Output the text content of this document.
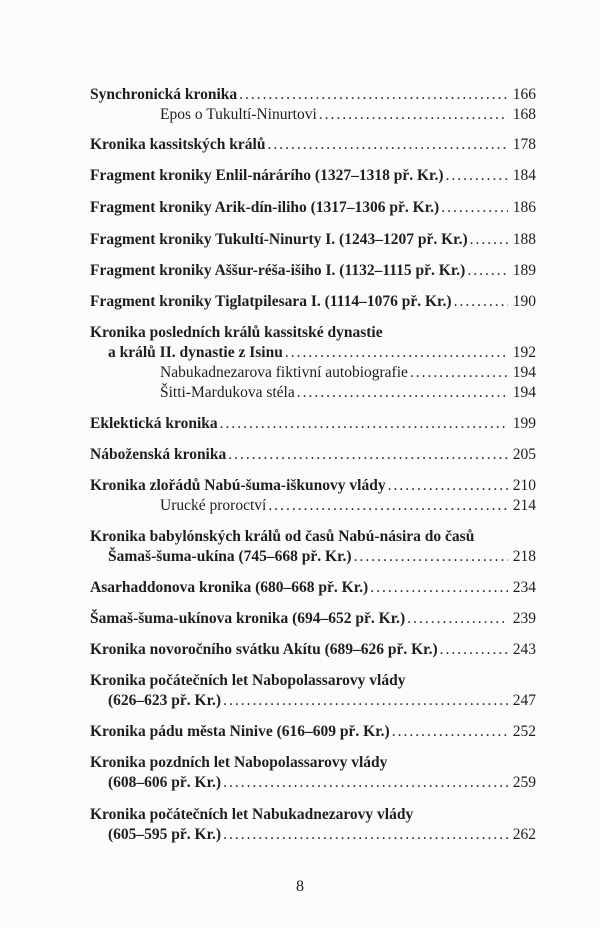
Synchronická kronika .....	166
Epos o Tukultí-Ninurtovi .....	168
Kronika kassitských králů .....	178
Fragment kroniky Enlil-nárárího (1327–1318 př. Kr.) .....	184
Fragment kroniky Arik-dín-iliho (1317–1306 př. Kr.) .....	186
Fragment kroniky Tukultí-Ninurty I. (1243–1207 př. Kr.) .....	188
Fragment kroniky Aššur-réša-išiho I. (1132–1115 př. Kr.) .....	189
Fragment kroniky Tiglatpilesara I. (1114–1076 př. Kr.) .....	190
Kronika posledních králů kassitské dynastie
a králů II. dynastie z Isinu .....	192
Nabukadnezarova fiktivní autobiografie .....	194
Šitti-Mardukova stéla .....	194
Eklektická kronika .....	199
Náboženská kronika .....	205
Kronika zlořádů Nabú-šuma-iškunovy vlády .....	210
Urucké proroctví .....	214
Kronika babylónských králů od časů Nabú-násira do časů
Šamaš-šuma-ukína (745–668 př. Kr.) .....	218
Asarhaddonova kronika (680–668 př. Kr.) .....	234
Šamaš-šuma-ukínova kronika (694–652 př. Kr.) .....	239
Kronika novoročního svátku Akítu (689–626 př. Kr.) .....	243
Kronika počátečních let Nabopolassarovy vlády
(626–623 př. Kr.) .....	247
Kronika pádu města Ninive (616–609 př. Kr.) .....	252
Kronika pozdních let Nabopolassarovy vlády
(608–606 př. Kr.) .....	259
Kronika počátečních let Nabukadnezarovy vlády
(605–595 př. Kr.) .....	262
8
